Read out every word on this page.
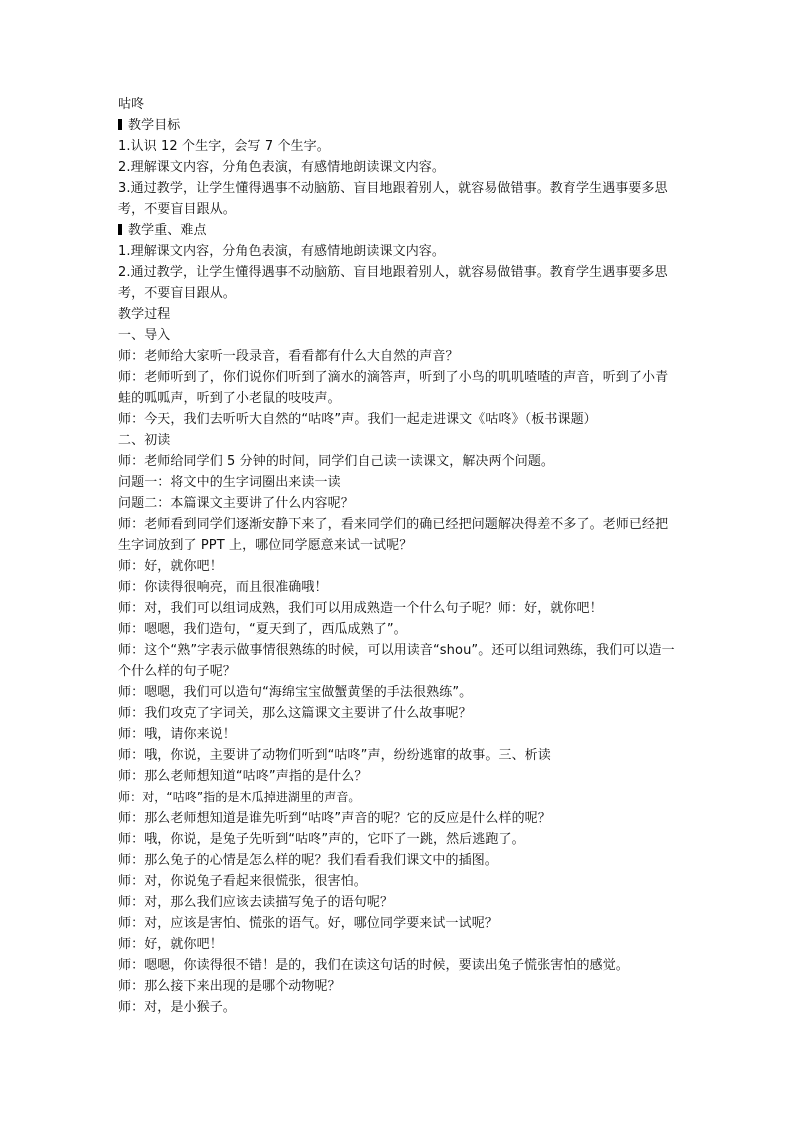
咕咚

教学目标

1.认识 12 个生字，会写 7 个生字。

2.理解课文内容，分角色表演，有感情地朗读课文内容。

3.通过教学，让学生懂得遇事不动脑筋、盲目地跟着别人，就容易做错事。教育学生遇事要多思考，不要盲目跟从。

教学重、难点

1.理解课文内容，分角色表演，有感情地朗读课文内容。

2.通过教学，让学生懂得遇事不动脑筋、盲目地跟着别人，就容易做错事。教育学生遇事要多思考，不要盲目跟从。

教学过程

一、导入

师：老师给大家听一段录音，看看都有什么大自然的声音？

师：老师听到了，你们说你们听到了滴水的滴答声，听到了小鸟的叽叽喳喳的声音，听到了小青蛙的呱呱声，听到了小老鼠的吱吱声。

师：今天，我们去听听大自然的“咕咚”声。我们一起走进课文《咕咚》（板书课题）

二、初读

师：老师给同学们 5 分钟的时间，同学们自己读一读课文，解决两个问题。

问题一：将文中的生字词圈出来读一读

问题二：本篇课文主要讲了什么内容呢？

师：老师看到同学们逐渐安静下来了，看来同学们的确已经把问题解决得差不多了。老师已经把生字词放到了 PPT 上，哪位同学愿意来试一试呢？

师：好，就你吧！

师：你读得很响亮，而且很准确哦！

师：对，我们可以组词成熟，我们可以用成熟造一个什么句子呢？师：好，就你吧！

师：嗯嗯，我们造句，“夏天到了，西瓜成熟了”。

师：这个“熟”字表示做事情很熟练的时候，可以用读音“shou”。还可以组词熟练，我们可以造一个什么样的句子呢？

师：嗯嗯，我们可以造句“海绵宝宝做蟹黄堡的手法很熟练”。

师：我们攻克了字词关，那么这篇课文主要讲了什么故事呢？

师：哦，请你来说！

师：哦，你说，主要讲了动物们听到“咕咚”声，纷纷逃窜的故事。三、析读

师：那么老师想知道“咕咚”声指的是什么？

师：对，“咕咚”指的是木瓜掉进湖里的声音。

师：那么老师想知道是谁先听到“咕咚”声音的呢？它的反应是什么样的呢？

师：哦，你说，是兔子先听到“咕咚”声的，它吓了一跳，然后逃跑了。

师：那么兔子的心情是怎么样的呢？我们看看我们课文中的插图。

师：对，你说兔子看起来很慌张，很害怕。

师：对，那么我们应该去读描写兔子的语句呢？

师：对，应该是害怕、慌张的语气。好，哪位同学要来试一试呢？

师：好，就你吧！

师：嗯嗯，你读得很不错！是的，我们在读这句话的时候，要读出兔子慌张害怕的感觉。

师：那么接下来出现的是哪个动物呢？

师：对，是小猴子。
